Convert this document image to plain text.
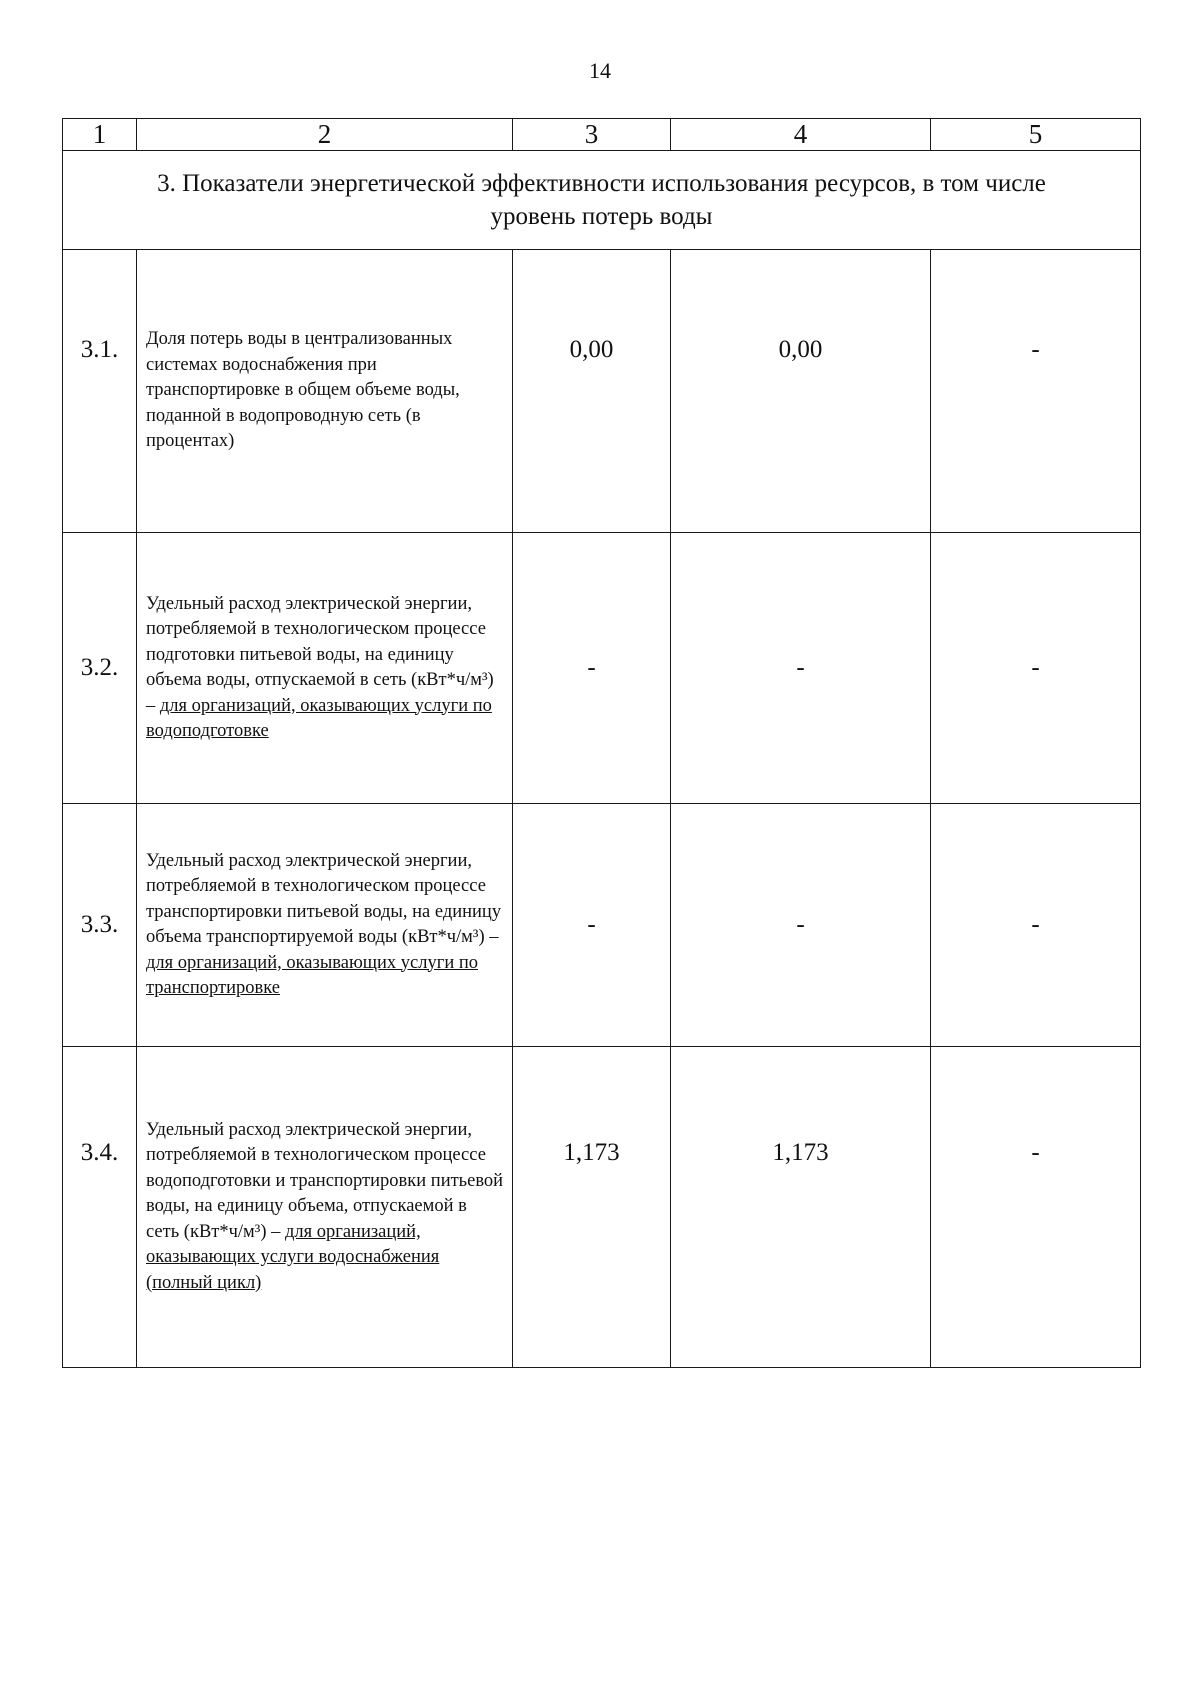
14
1	2	3	4	5
3. Показатели энергетической эффективности использования ресурсов, в том числе уровень потерь воды				
3.1.	Доля потерь воды в централизованных системах водоснабжения при транспортировке в общем объеме воды, поданной в водопроводную сеть (в процентах)	0,00	0,00	-
3.2.	Удельный расход электрической энергии, потребляемой в технологическом процессе подготовки питьевой воды, на единицу объема воды, отпускаемой в сеть (кВт*ч/м³) – для организаций, оказывающих услуги по водоподготовке	-	-	-
3.3.	Удельный расход электрической энергии, потребляемой в технологическом процессе транспортировки питьевой воды, на единицу объема транспортируемой воды (кВт*ч/м³) – для организаций, оказывающих услуги по транспортировке	-	-	-
3.4.	Удельный расход электрической энергии, потребляемой в технологическом процессе водоподготовки и транспортировки питьевой воды, на единицу объема, отпускаемой в сеть (кВт*ч/м³) – для организаций, оказывающих услуги водоснабжения (полный цикл)	1,173	1,173	-
